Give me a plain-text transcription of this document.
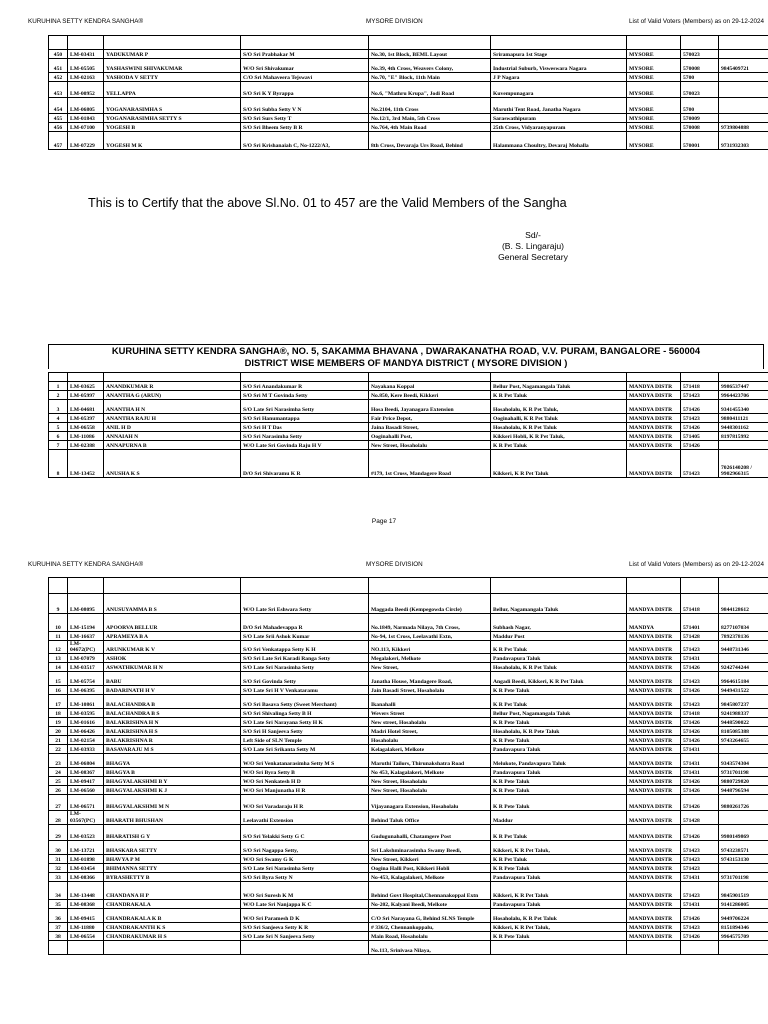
KURUHINA SETTY KENDRA SANGHA®	MYSORE DIVISION	List of Valid Voters (Members) as on 29-12-2024

450	LM-03431	YADUKUMAR P	S/O Sri Prabhakar M	No.30, 1st Block, BEML Layout	Sriramapura 1st Stage	MYSORE	570023	
451	LM-05505	YASHASWINI SHIVAKUMAR	W/O Sri Shivakumar	No.39, 4th Cross, Weavers Colony,	Industrial Suburb, Visweswara Nagara	MYSORE	570008	9845409721
452	LM-02163	YASHODA V SETTY	C/O Sri Mahaveera Tejswavi	No.70, "E" Block, 11th Main	J P Nagara	MYSORE	5700	
453	LM-00952	YELLAPPA	S/O Sri K Y Byrappa	No.6, "Mathru Krupa", Jodi Road	Kuvempunagara	MYSORE	570023	
454	LM-06805	YOGANARASIMHA S	S/O Sri Subba Setty V N	No.2104, 11th Cross	Maruthi Tent Road, Janatha Nagara	MYSORE	5700	
455	LM-01843	YOGANARASIMHA SETTY S	S/O Sri Surs Setty T	No.12/1, 3rd Main, 5th Cross	Saraswathipuram	MYSORE	570009	
456	LM-07100	YOGESH B	S/O Sri Bheem Setty B R	No.764, 4th Main Road	25th Cross, Vidyaranyapuram	MYSORE	570008	9739804888
457	LM-07229	YOGESH M K	S/O Sri Krishanaiah C, No-1222/A3,	8th Cross, Devaraja Urs Road, Behind	Halammana Choultry, Devaraj Mohalla	MYSORE	570001	9731932303
This is to Certify that the above Sl.No. 01 to 457 are the Valid Members of the Sangha
Sd/-
(B. S. Lingaraju)
General Secretary
KURUHINA SETTY KENDRA SANGHA®, NO. 5, SAKAMMA BHAVANA , DWARAKANATHA ROAD, V.V. PURAM, BANGALORE - 560004
DISTRICT WISE MEMBERS OF MANDYA DISTRICT ( MYSORE DIVISION )

1	LM-03625	ANANDKUMAR R	S/O Sri Anandakumar R	Nayakana Koppal	Bellur Post, Nagamangala Taluk	MANDYA DISTR	571418	9986537447
2	LM-05997	ANANTHA G (ARUN)	S/O Sri M T Govinda Setty	No.850, Kere Beedi, Kikkeri	K R Pet Taluk	MANDYA DISTR	571423	9964423706
3	LM-04681	ANANTHA H N	S/O Late Sri Narasimha Setty	Hosa Beedi, Jayanagara Extension	Hosaholalu, K R Pet Taluk,	MANDYA DISTR	571426	9341455340
4	LM-05397	ANANTHA RAJU H	S/O Sri Hanumantappa	Fair Price Depot,	Ooginahalli, K R Pet Taluk	MANDYA DISTR	571423	9880411121
5	LM-06558	ANIL H D	S/O Sri H T Das	Jaina Basadi Street,	Hosaholalu, K R Pet Taluk	MANDYA DISTR	571426	9448301162
6	LM-11086	ANNAIAH N	S/O Sri Narasimha Setty	Ooginahalli Post,	Kikkeri Hobli, K R Pet Taluk,	MANDYA DISTR	571405	8197815992
7	LM-02388	ANNAPURNA B	W/O Late Sri Govinda Raju H V	New Street, Hosaholalu	K R Pet Taluk	MANDYA DISTR	571426	
8	LM-13452	ANUSHA K S	D/O Sri Shivaramu K R	#179, 1st Cross, Mandagere Road	Kikkeri, K R Pet Taluk	MANDYA DISTR	571423	7026140208 / 9902966315
Page 17
KURUHINA SETTY KENDRA SANGHA®	MYSORE DIVISION	List of Valid Voters (Members) as on 29-12-2024

9	LM-08095	ANUSUYAMMA B S	W/O Late Sri Eshwara Setty	Maggada Beedi (Kempegowda Circle)	Bellur, Nagamangala Taluk	MANDYA DISTR	571418	9844128612
10	LM-15194	APOORVA BELLUR	D/O Sri Mahadevappa R	No.1849, Narmada Nilaya, 7th Cross,	Subhash Nagar,	MANDYA	571401	8277107034
11	LM-16637	APRAMEYA B A	S/O Late Srii Ashok Kumar	No-94, 1st Cross, Leelavathi Extn,	Maddur Post	MANDYA DISTR	571428	7892378136
12	LM-04672(PC)	ARUNKUMAR K V	S/O Sri Venkatappa Setty K H	NO.113, Kikkeri	K R Pet Taluk	MANDYA DISTR	571423	9448731346
13	LM-07079	ASHOK	S/O Sri Late Sri Karadi Ranga Setty	Megalakeri, Melkote	Pandavapura Taluk	MANDYA DISTR	571431	
14	LM-03517	ASWATHKUMAR H N	S/O Late Sri Narasimha Setty	New Street,	Hosaholalu, K R Pet Taluk	MANDYA DISTR	571426	9242744244
15	LM-05754	BABU	S/O Sri Govinda Setty	Janatha House, Mandagere Road,	Angadi Beedi, Kikkeri, K R Pet Taluk	MANDYA DISTR	571423	9964615184
16	LM-06395	BADARINATH H V	S/O Late Sri H V Venkataramu	Jain Basadi Street, Hosaholalu	K R Pete Taluk	MANDYA DISTR	571426	9449431522
17	LM-10861	BALACHANDRA B	S/O Sri Basava Setty (Sweet Merchant)	Ikanahalli	K R Pet Taluk	MANDYA DISTR	571423	9845807237
18	LM-03595	BALACHANDRA B S	S/O Sri Shivalinga Setty B H	Wevers Street	Bellur Post, Nagamangala Taluk	MANDYA DISTR	571418	9241988337
19	LM-01616	BALAKRISHNA H N	S/O Late Sri Narayana Setty H K	New street, Hosaholalu	K R Pete Taluk	MANDYA DISTR	571426	9448590022
20	LM-06426	BALAKRISHNA H S	S/O Sri H Sanjeeva Setty	Madri Hotel Street,	Hosaholalu, K R Pete Taluk	MANDYA DISTR	571426	8105085388
21	LM-02154	BALAKRISHNA R	Left Side of SLN Temple	Hosaholalu	K R Pete Taluk	MANDYA DISTR	571426	9743264655
22	LM-03933	BASAVARAJU M S	S/O Late Sri Srikanta Setty M	Kelagalakeri, Melkote	Pandavapura Taluk	MANDYA DISTR	571431	
23	LM-06804	BHAGYA	W/O Sri Venkatanarasimha Setty M S	Maruthi Tailors, Thirunakshatra Road	Melukote, Pandavapura Taluk	MANDYA DISTR	571431	9343574304
24	LM-08367	BHAGYA B	W/O Sri Byra Setty B	No 453, Kalagalakeri, Melkote	Pandavapura Taluk	MANDYA DISTR	571431	9731701198
25	LM-09417	BHAGYALAKSHMI B Y	W/O Sri Nenkatesh H D	New Street, Hosaholalu	K R Pete Taluk	MANDYA DISTR	571426	9880729820
26	LM-06560	BHAGYALAKSHMI K J	W/O Sri Manjunatha H R	New Street, Hosaholalu	K R Pete Taluk	MANDYA DISTR	571426	9448796594
27	LM-06571	BHAGYALAKSHMI M N	W/O Sri Varadaraju H R	Vijayanagara Extension, Hosaholalu	K R Pete Taluk	MANDYA DISTR	571426	9880261726
28	LM-03567(PC)	BHARATH BHUSHAN	Leelavathi Extension	Behind Taluk Office	Maddur	MANDYA DISTR	571428	
29	LM-03523	BHARATISH G Y	S/O Sri Yelakki Setty G C	Gudugunahalli, Chatamgere Post	K R Pet Taluk	MANDYA DISTR	571426	9980149869
30	LM-13721	BHASKARA SETTY	S/O Sri Nagappa Setty,	Sri Lakshminarasimha Swamy Beedi,	Kikkeri, K R Pet Taluk,	MANDYA DISTR	571423	9743238571
31	LM-01898	BHAVYA P M	W/O Sri Swamy G K	New Street, Kikkeri	K R Pet Taluk	MANDYA DISTR	571423	9743153130
32	LM-03454	BHIMANNA SETTY	S/O Late Sri Narasimha Setty	Oogina Halli Post, Kikkeri Hobli	K R Pete Taluk	MANDYA DISTR	571423	
33	LM-08366	BYRASHETTY B	S/O Sri Byra Setty N	No-453, Kalagalakeri, Melkote	Pandavapura Taluk	MANDYA DISTR	571431	9731701198
34	LM-13448	CHANDANA H P	W/O Sri Suresh K M	Behind Govt Hospital,Chennanakoppal Extn	Kikkeri, K R Pet Taluk	MANDYA DISTR	571423	9845901519
35	LM-08368	CHANDRAKALA	W/O Late Sri Nanjappa K C	No-202, Kalyani Beedi, Melkote	Pandavapura Taluk	MANDYA DISTR	571431	9141286005
36	LM-09415	CHANDRAKALA K B	W/O Sri Paramesh D K	C/O Sri Narayana G, Behind SLNS Temple	Hosaholalu, K R Pet Taluk	MANDYA DISTR	571426	9449706224
37	LM-11880	CHANDRAKANTH K S	S/O Sri Sanjeeva Setty K R	# 336/2, Chennankoppalu,	Kikkeri, K R Pet Taluk,	MANDYA DISTR	571423	8151894346
38	LM-06554	CHANDRAKUMAR H S	S/O Late Sri N Sanjeeva Setty	Main Road, Hosaholalu	K R Pete Taluk	MANDYA DISTR	571426	9964575709
				No.113, Srinivasa Nilaya,				
